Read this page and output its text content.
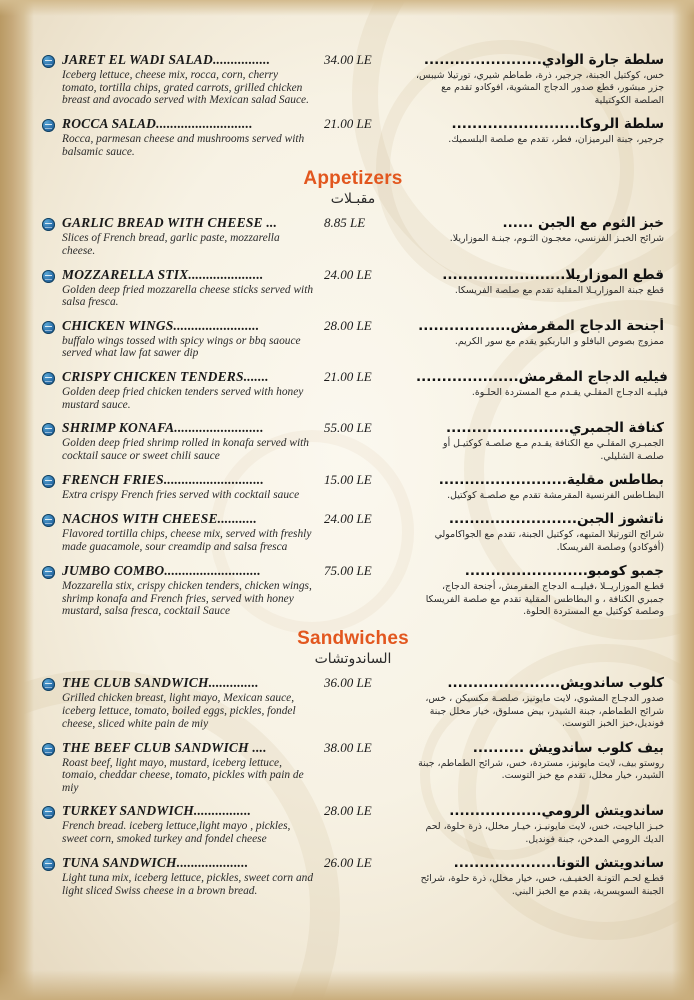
JARET EL WADI SALAD................
Iceberg lettuce, cheese mix, rocca, corn, cherry tomato, tortilla chips, grated carrots, grilled chicken breast and avocado served with Mexican salad Sauce.
34.00 LE	سلطة جارة الوادي.......................
خس، كوكتيل الجبنة، جرجير، ذرة، طماطم شيري، تورتيلا شيبس، جزر مبشور، قطع صدور الدجاج المشوية، افوكادو تقدم مع الصلصة الكوكتيلية
ROCCA SALAD...........................
Rocca, parmesan cheese and mushrooms served with balsamic sauce.
21.00 LE	سلطة الروكا.........................
جرجير، جبنة البرميزان، فطر، تقدم مع صلصة البلسمیك.
Appetizers
مقبـلات
GARLIC BREAD WITH CHEESE ...
Slices of French bread, garlic paste, mozzarella cheese.
8.85 LE	خبز الثوم مع الجبن ......
شرائح الخبـز الفرنسي، معجـون الثـوم، جبنـة الموزاريلا.
MOZZARELLA STIX.....................
Golden deep fried mozzarella cheese sticks served with salsa fresca.
24.00 LE	قطع الموزاريلا........................
قطع جبنة الموزاريـلا المقلية تقدم مع صلصة الفريسكا.
CHICKEN WINGS........................
buffalo wings tossed with spicy wings or bbq saouce served what law fat sawer dip
28.00 LE	أجنحة الدجاج المقرمش..................
ممزوج بصوص البافلو و الباربكيو يقدم مع سور الكريم.
CRISPY CHICKEN TENDERS.......
Golden deep fried chicken tenders served with honey mustard sauce.
21.00 LE	فيليه الدجاج المقرمش....................
فيليـه الدجـاج المقلـي يقـدم مـع المستردة الحلـوة.
SHRIMP KONAFA.........................
Golden deep fried shrimp rolled in konafa served with cocktail sauce or sweet chili sauce
55.00 LE	كنافة الجمبري........................
الجمبـري المقلـي مع الكنافة يقـدم مـع صلصـة كوكتيـل أو صلصـة الشليلي.
FRENCH FRIES............................
Extra crispy French fries served with cocktail sauce
15.00 LE	بطاطس مقلية.........................
البطـاطس الفرنسية المقرمشة تقدم مع صلصـة كوكتيل.
NACHOS WITH CHEESE...........
Flavored tortilla chips, cheese mix, served with freshly made guacamole, sour creamdip and salsa fresca
24.00 LE	ناتشوز الجبن.........................
شرائح التورتيلا المتبهه، كوكتيل الجبنة، تقدم مع الجواكامولي (أفوكادو) وصلصة الفريسكا.
JUMBO COMBO...........................
Mozzarella stix, crispy chicken tenders, chicken wings, shrimp konafa and French fries, served with honey mustard, salsa fresca, cocktail Sauce
75.00 LE	جمبو كومبو........................
قطـع الموزاريــلا ،فيليــه الدجاج المقرمش، أجنحة الدجاج، جمبري الكنافة ، و البطاطس المقلية تقدم مع صلصة الفريسكا وصلصة كوكتيل مع المستردة الحلوة.
Sandwiches
الساندوتشات
THE CLUB SANDWICH..............
Grilled chicken breast, light mayo, Mexican sauce, iceberg lettuce, tomato, boiled eggs, pickles, fondel cheese, sliced white pain de miy
36.00 LE	كلوب ساندويش......................
صدور الدجـاج المشوي، لايت مايونيز، صلصـة مكسيكن ، خس، شرائح الطماطم، جبنة الشيدر، بيض مسلوق، خيار مخلل جبنة فوندیل،خبز الخبز التوست.
THE BEEF CLUB SANDWICH ....
Roast beef, light mayo, mustard, iceberg lettuce, tomaio, cheddar cheese, tomato, pickles with pain de miy
38.00 LE	بيف كلوب ساندويش ..........
روستو بيف، لايت مايونيز، مستردة، خس، شرائح الطماطم، جبنة الشيدر، خيار مخلل، تقدم مع خبز التوست.
TURKEY SANDWICH................
French bread. iceberg lettuce,light mayo , pickles, sweet corn, smoked turkey and fondel cheese
28.00 LE	ساندويتش الرومي..................
خبـز الباجيت، خس، لايت مايونيـز، خيـار مخلل، ذرة حلوة، لحم الديك الرومي المدخن، جبنة فوندیل.
TUNA SANDWICH....................
Light tuna mix, iceberg lettuce, pickles, sweet corn and light sliced Swiss cheese in a brown bread.
26.00 LE	ساندويتش التونا....................
قطـع لحـم التونـة الخفيـف، خس، خيار مخلل، ذرة حلوة، شرائح الجبنة السويسرية، يقدم مع الخبز البني.
